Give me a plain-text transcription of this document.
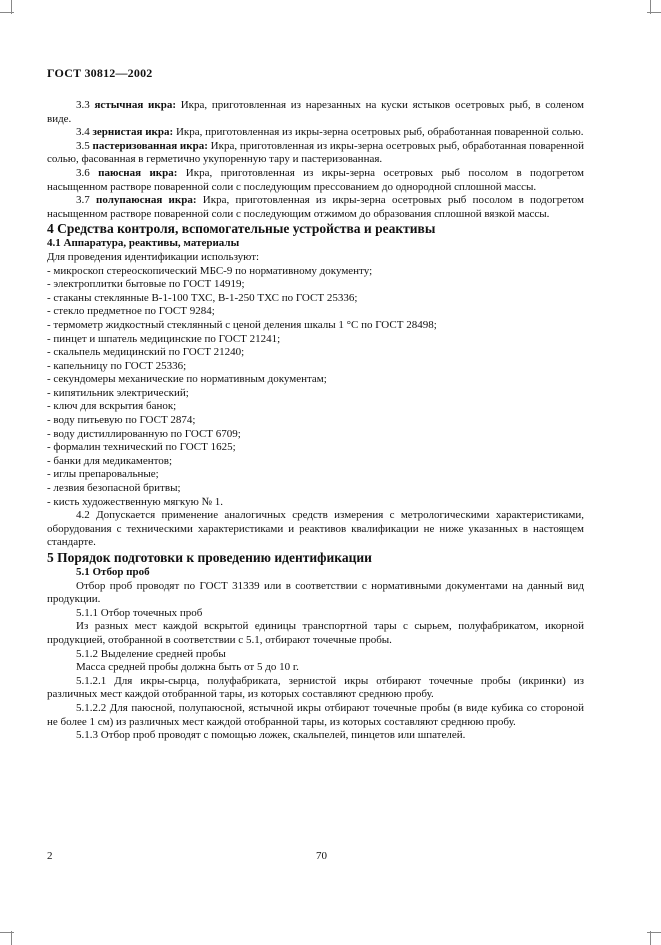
ГОСТ 30812—2002

3.3 ястычная икра: Икра, приготовленная из нарезанных на куски ястыков осетровых рыб, в соленом виде.

3.4 зернистая икра: Икра, приготовленная из икры-зерна осетровых рыб, обработанная поваренной солью.

3.5 пастеризованная икра: Икра, приготовленная из икры-зерна осетровых рыб, обработанная поваренной солью, фасованная в герметично укупоренную тару и пастеризованная.

3.6 паюсная икра: Икра, приготовленная из икры-зерна осетровых рыб посолом в подогретом насыщенном растворе поваренной соли с последующим прессованием до однородной сплошной массы.

3.7 полупаюсная икра: Икра, приготовленная из икры-зерна осетровых рыб посолом в подогретом насыщенном растворе поваренной соли с последующим отжимом до образования сплошной вязкой массы.

4 Средства контроля, вспомогательные устройства и реактивы

4.1 Аппаратура, реактивы, материалы

Для проведения идентификации используют:

- микроскоп стереоскопический МБС-9 по нормативному документу;

- электроплитки бытовые по ГОСТ 14919;

- стаканы стеклянные В-1-100 ТХС, В-1-250 ТХС по ГОСТ 25336;

- стекло предметное по ГОСТ 9284;

- термометр жидкостный стеклянный с ценой деления шкалы 1 °С по ГОСТ 28498;

- пинцет и шпатель медицинские по ГОСТ 21241;

- скальпель медицинский по ГОСТ 21240;

- капельницу по ГОСТ 25336;

- секундомеры механические по нормативным документам;

- кипятильник электрический;

- ключ для вскрытия банок;

- воду питьевую по ГОСТ 2874;

- воду дистиллированную по ГОСТ 6709;

- формалин технический по ГОСТ 1625;

- банки для медикаментов;

- иглы препаровальные;

- лезвия безопасной бритвы;

- кисть художественную мягкую № 1.

4.2 Допускается применение аналогичных средств измерения с метрологическими характеристиками, оборудования с техническими характеристиками и реактивов квалификации не ниже указанных в настоящем стандарте.

5 Порядок подготовки к проведению идентификации

5.1 Отбор проб

Отбор проб проводят по ГОСТ 31339 или в соответствии с нормативными документами на данный вид продукции.

5.1.1 Отбор точечных проб

Из разных мест каждой вскрытой единицы транспортной тары с сырьем, полуфабрикатом, икорной продукцией, отобранной в соответствии с 5.1, отбирают точечные пробы.

5.1.2 Выделение средней пробы

Масса средней пробы должна быть от 5 до 10 г.

5.1.2.1 Для икры-сырца, полуфабриката, зернистой икры отбирают точечные пробы (икринки) из различных мест каждой отобранной тары, из которых составляют среднюю пробу.

5.1.2.2 Для паюсной, полупаюсной, ястычной икры отбирают точечные пробы (в виде кубика со стороной не более 1 см) из различных мест каждой отобранной тары, из которых составляют среднюю пробу.

5.1.3 Отбор проб проводят с помощью ложек, скальпелей, пинцетов или шпателей.

2	70
